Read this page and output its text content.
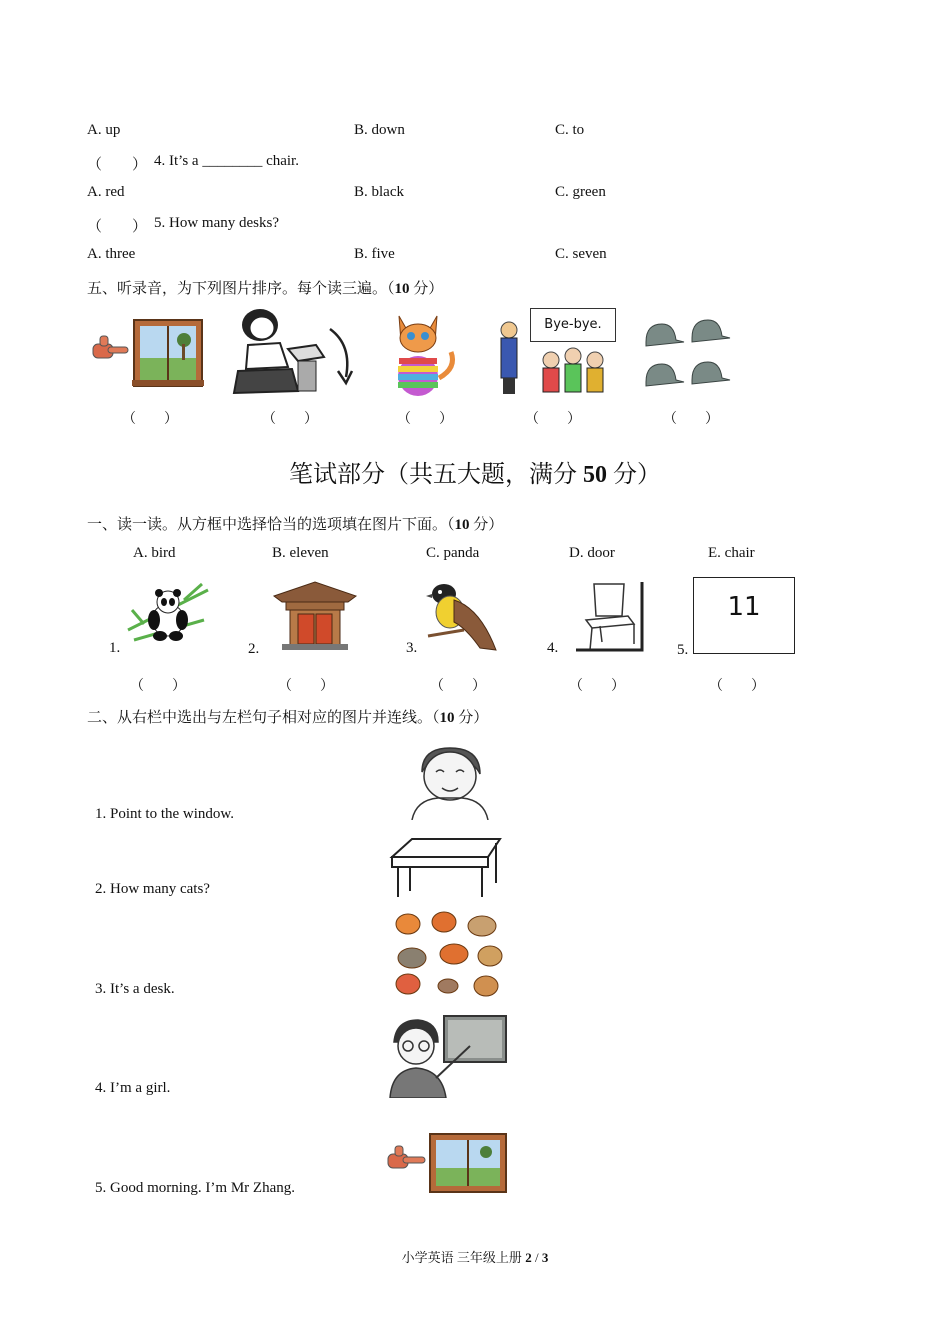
A. up	B. down	C. to
（　　） 4. It’s a ________ chair.
A. red	B. black	C. green
（　　） 5. How many desks?
A. three	B. five	C. seven
五、听录音，为下列图片排序。每个读三遍。（10 分）
Bye-bye.
（　　）	（　　）	（　　）	（　　）	（　　）
笔试部分（共五大题，满分 50 分）
一、读一读。从方框中选择恰当的选项填在图片下面。（10 分）
A. bird	B. eleven	C. panda	D. door	E. chair
1.	2.	3.	4.	5.
11
（　　）	（　　）	（　　）	（　　）	（　　）
二、从右栏中选出与左栏句子相对应的图片并连线。（10 分）
1. Point to the window.
2. How many cats?
3. It’s a desk.
4. I’m a girl.
5. Good morning. I’m Mr Zhang.
小学英语 三年级上册 2 / 3
